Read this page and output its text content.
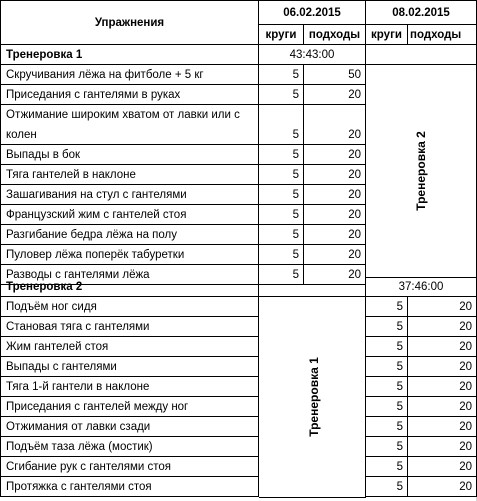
Упражнения
06.02.2015	08.02.2015
круги	подходы круги подходы
Тренеровка 1	43:43:00
Скручивания лёжа на фитболе + 5 кг	5	50
Приседания с гантелями в руках	5	20
Отжимание широким хватом от лавки или с
колен	5	20
Выпады в бок	5	20
Тяга гантелей в наклоне	5	20
Зашагивания на стул с гантелями	5	20
Французский жим с гантелей стоя	5	20
Разгибание бедра лёжа на полу	5	20
Пуловер лёжа поперёк табуретки	5	20
Разводы с гантелями лёжа	5	20
Тренеровка 2
Тренеровка 2	37:46:00
Подъём ног сидя	5	20
Становая тяга с гантелями	5	20
Жим гантелей стоя	5	20
Выпады с гантелями	5	20
Тяга 1-й гантели в наклоне	5	20
Приседания с гантелей между ног	5	20
Отжимания от лавки сзади	5	20
Подъём таза лёжа (мостик)	5	20
Сгибание рук с гантелями стоя	5	20
Протяжка с гантелями стоя	5	20
Тренеровка 1
